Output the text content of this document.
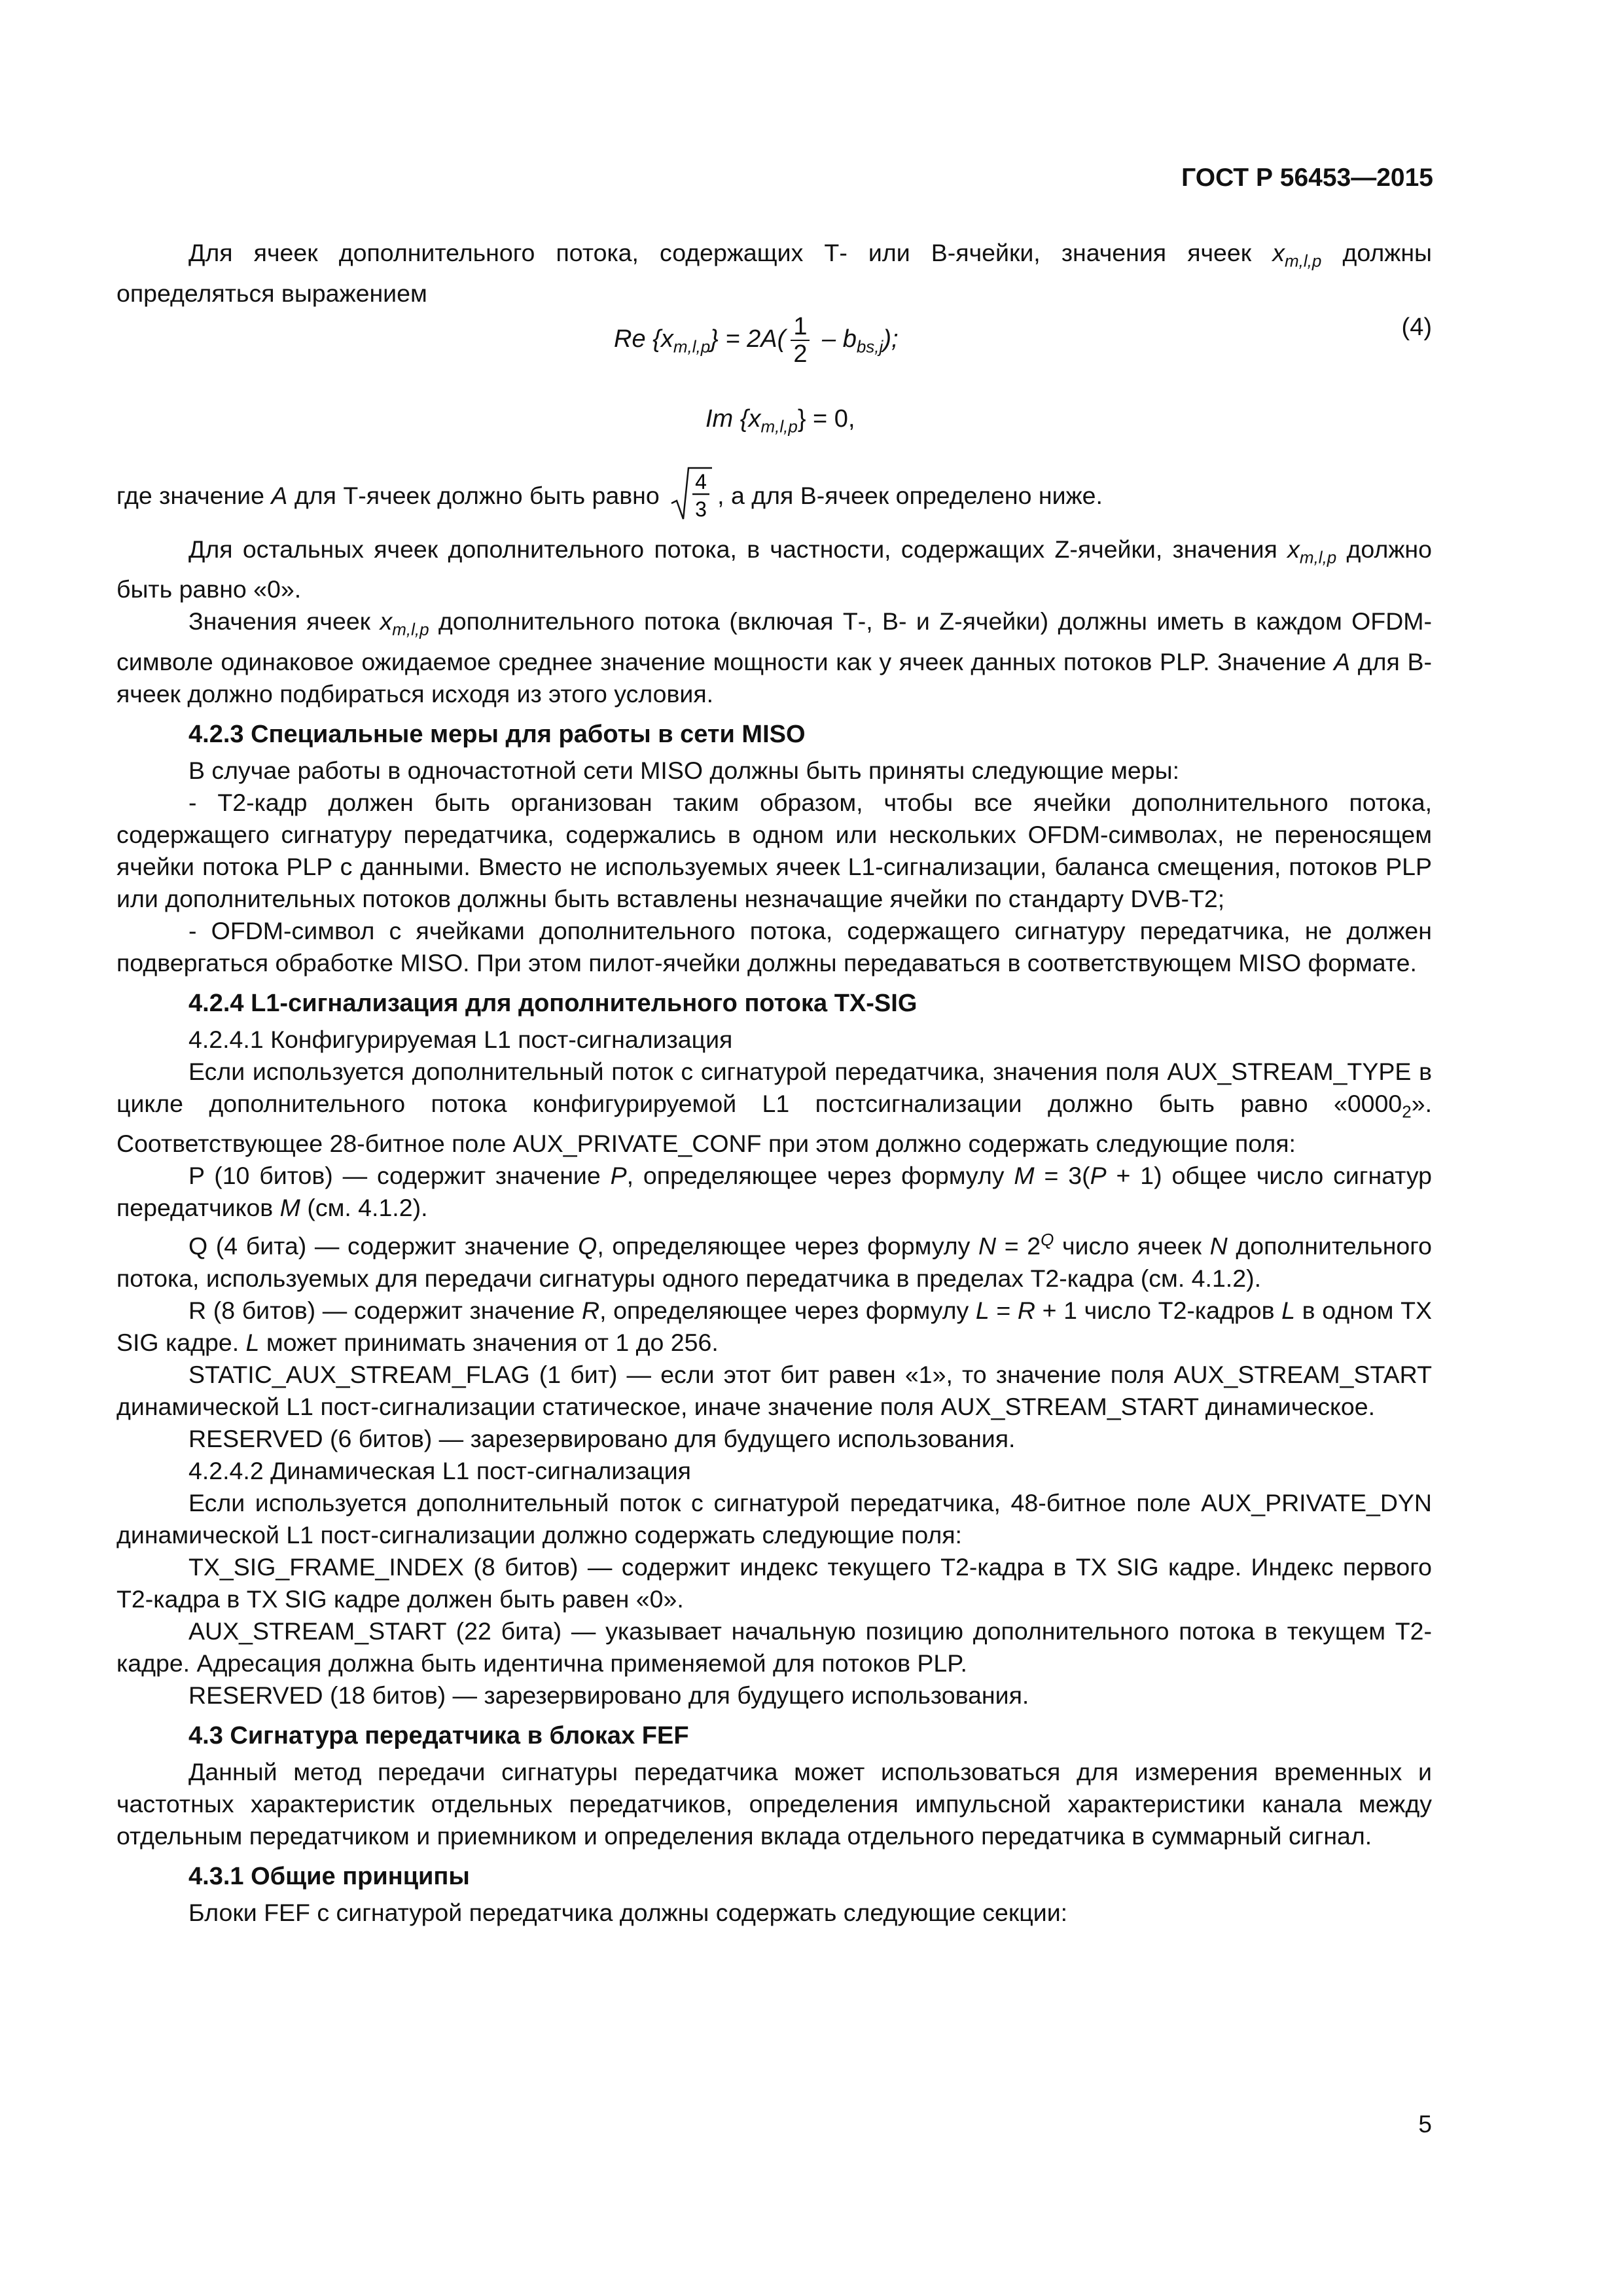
ГОСТ Р 56453—2015

Для ячеек дополнительного потока, содержащих Т- или В-ячейки, значения ячеек $x_{m,l,p}$ должны определяться выражением

Re $\{x_{m,l,p}\} = 2A( \frac{1}{2} - b_{bs,j})$;	(4)
Im $\{x_{m,l,p}\} = 0$,

где значение A для Т-ячеек должно быть равно 4
3
, а для В-ячеек определено ниже.

Для остальных ячеек дополнительного потока, в частности, содержащих Z-ячейки, значения $x_{m,l,p}$ должно быть равно «0».

Значения ячеек $x_{m,l,p}$ дополнительного потока (включая Т-, В- и Z-ячейки) должны иметь в каждом OFDM-символе одинаковое ожидаемое среднее значение мощности как у ячеек данных потоков PLP. Значение A для В-ячеек должно подбираться исходя из этого условия.

4.2.3 Специальные меры для работы в сети MISO

В случае работы в одночастотной сети MISO должны быть приняты следующие меры:

- Т2-кадр должен быть организован таким образом, чтобы все ячейки дополнительного потока, содержащего сигнатуру передатчика, содержались в одном или нескольких OFDM-символах, не переносящем ячейки потока PLP с данными. Вместо не используемых ячеек L1-сигнализации, баланса смещения, потоков PLP или дополнительных потоков должны быть вставлены незначащие ячейки по стандарту DVB-T2;

- OFDM-символ с ячейками дополнительного потока, содержащего сигнатуру передатчика, не должен подвергаться обработке MISO. При этом пилот-ячейки должны передаваться в соответствующем MISO формате.

4.2.4 L1-сигнализация для дополнительного потока TX-SIG

4.2.4.1 Конфигурируемая L1 пост-сигнализация

Если используется дополнительный поток с сигнатурой передатчика, значения поля AUX_STREAM_TYPE в цикле дополнительного потока конфигурируемой L1 постсигнализации должно быть равно «$0000_2$». Соответствующее 28-битное поле AUX_PRIVATE_CONF при этом должно содержать следующие поля:

P (10 битов) — содержит значение P, определяющее через формулу M = 3(P + 1) общее число сигнатур передатчиков M (см. 4.1.2).

Q (4 бита) — содержит значение Q, определяющее через формулу $N = 2^Q$ число ячеек N дополнительного потока, используемых для передачи сигнатуры одного передатчика в пределах Т2-кадра (см. 4.1.2).

R (8 битов) — содержит значение R, определяющее через формулу L = R + 1 число Т2-кадров L в одном TX SIG кадре. L может принимать значения от 1 до 256.

STATIC_AUX_STREAM_FLAG (1 бит) — если этот бит равен «1», то значение поля AUX_STREAM_START динамической L1 пост-сигнализации статическое, иначе значение поля AUX_STREAM_START динамическое.

RESERVED (6 битов) — зарезервировано для будущего использования.

4.2.4.2 Динамическая L1 пост-сигнализация

Если используется дополнительный поток с сигнатурой передатчика, 48-битное поле AUX_PRIVATE_DYN динамической L1 пост-сигнализации должно содержать следующие поля:

TX_SIG_FRAME_INDEX (8 битов) — содержит индекс текущего Т2-кадра в TX SIG кадре. Индекс первого Т2-кадра в TX SIG кадре должен быть равен «0».

AUX_STREAM_START (22 бита) — указывает начальную позицию дополнительного потока в текущем Т2-кадре. Адресация должна быть идентична применяемой для потоков PLP.

RESERVED (18 битов) — зарезервировано для будущего использования.

4.3 Сигнатура передатчика в блоках FEF

Данный метод передачи сигнатуры передатчика может использоваться для измерения временных и частотных характеристик отдельных передатчиков, определения импульсной характеристики канала между отдельным передатчиком и приемником и определения вклада отдельного передатчика в суммарный сигнал.

4.3.1 Общие принципы

Блоки FEF с сигнатурой передатчика должны содержать следующие секции:

5
